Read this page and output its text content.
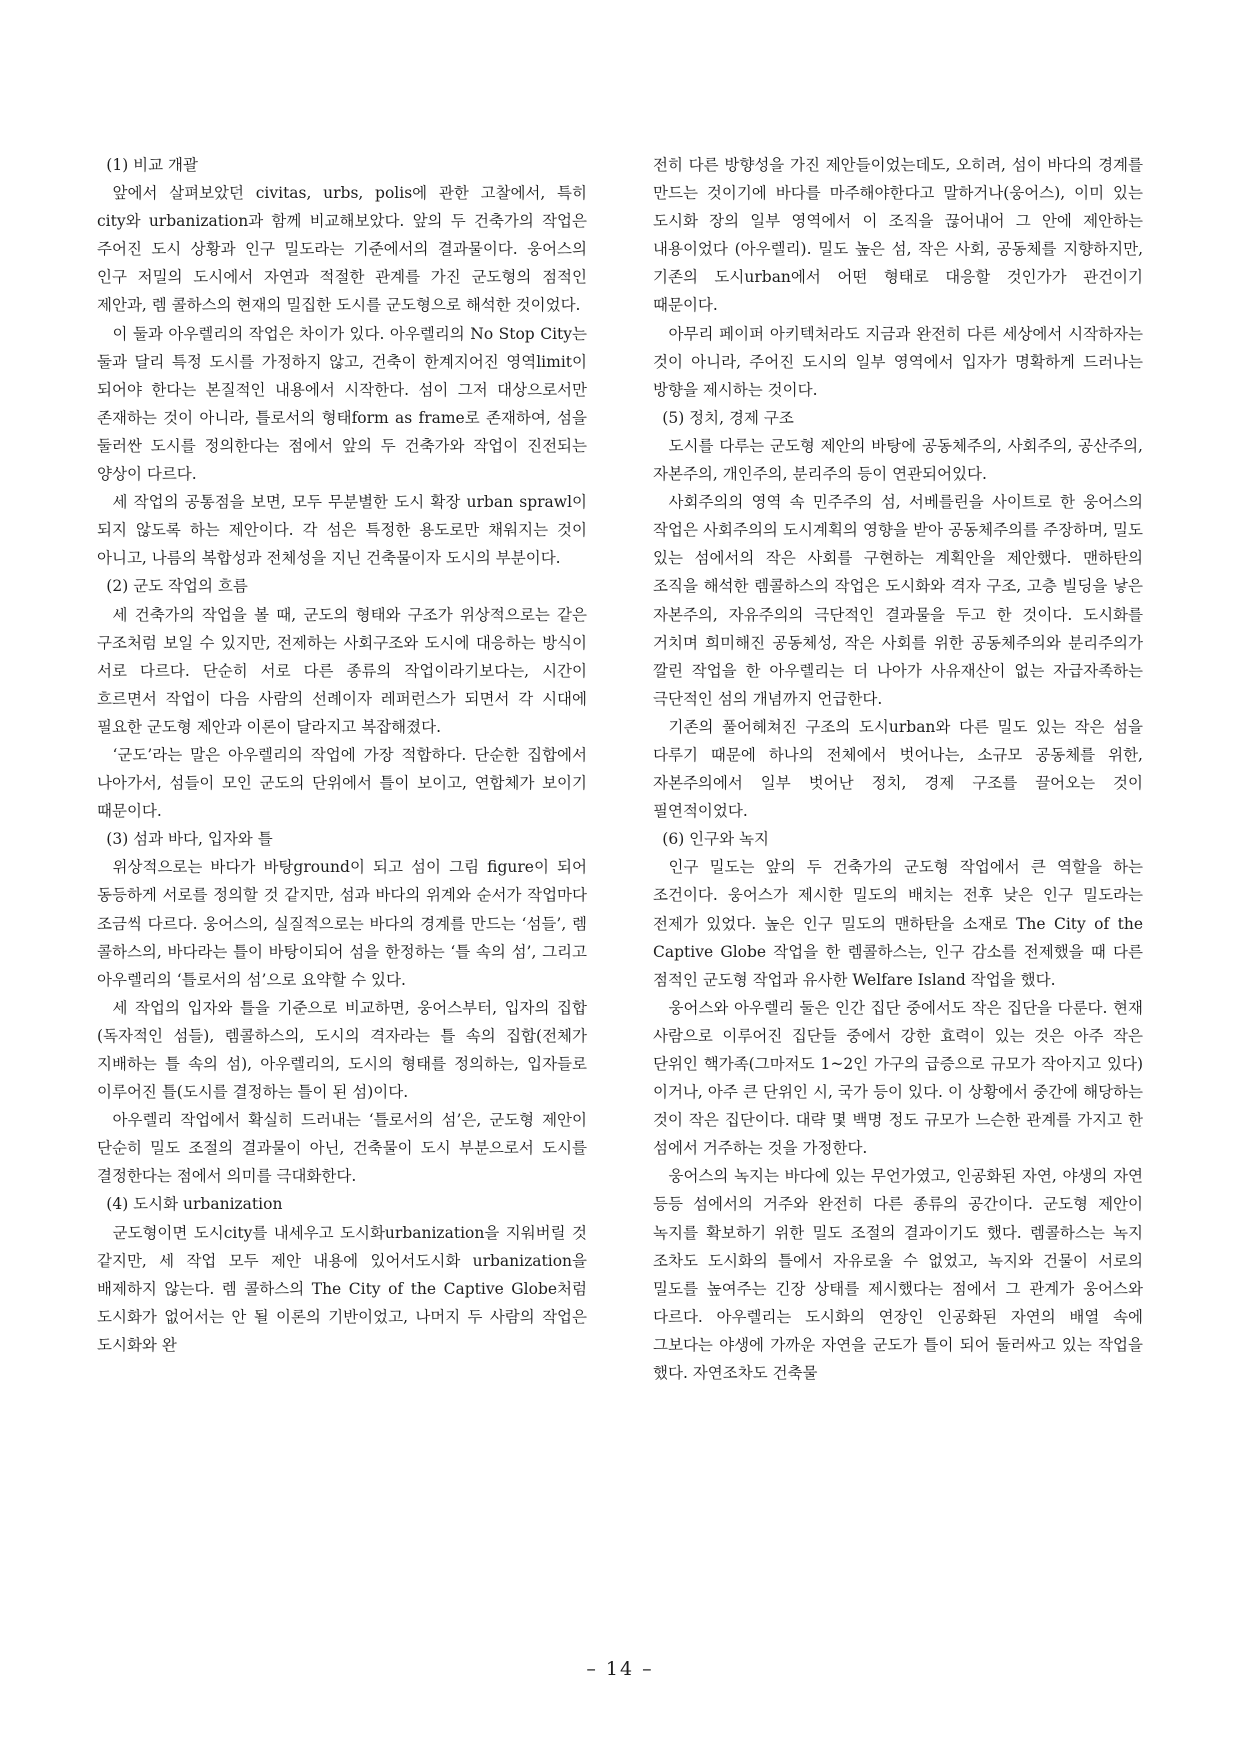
(1) 비교 개괄

앞에서 살펴보았던 civitas, urbs, polis에 관한 고찰에서, 특히 city와 urbanization과 함께 비교해보았다. 앞의 두 건축가의 작업은 주어진 도시 상황과 인구 밀도라는 기준에서의 결과물이다. 웅어스의 인구 저밀의 도시에서 자연과 적절한 관계를 가진 군도형의 점적인 제안과, 렘 콜하스의 현재의 밀집한 도시를 군도형으로 해석한 것이었다.

이 둘과 아우렐리의 작업은 차이가 있다. 아우렐리의 No Stop City는 둘과 달리 특정 도시를 가정하지 않고, 건축이 한계지어진 영역limit이 되어야 한다는 본질적인 내용에서 시작한다. 섬이 그저 대상으로서만 존재하는 것이 아니라, 틀로서의 형태form as frame로 존재하여, 섬을 둘러싼 도시를 정의한다는 점에서 앞의 두 건축가와 작업이 진전되는 양상이 다르다.

세 작업의 공통점을 보면, 모두 무분별한 도시 확장 urban sprawl이 되지 않도록 하는 제안이다. 각 섬은 특정한 용도로만 채워지는 것이 아니고, 나름의 복합성과 전체성을 지닌 건축물이자 도시의 부분이다.

(2) 군도 작업의 흐름

세 건축가의 작업을 볼 때, 군도의 형태와 구조가 위상적으로는 같은 구조처럼 보일 수 있지만, 전제하는 사회구조와 도시에 대응하는 방식이 서로 다르다. 단순히 서로 다른 종류의 작업이라기보다는, 시간이 흐르면서 작업이 다음 사람의 선례이자 레퍼런스가 되면서 각 시대에 필요한 군도형 제안과 이론이 달라지고 복잡해졌다.

‘군도’라는 말은 아우렐리의 작업에 가장 적합하다. 단순한 집합에서 나아가서, 섬들이 모인 군도의 단위에서 틀이 보이고, 연합체가 보이기 때문이다.

(3) 섬과 바다, 입자와 틀

위상적으로는 바다가 바탕ground이 되고 섬이 그림 figure이 되어 동등하게 서로를 정의할 것 같지만, 섬과 바다의 위계와 순서가 작업마다 조금씩 다르다. 웅어스의, 실질적으로는 바다의 경계를 만드는 ‘섬들’, 렘 콜하스의, 바다라는 틀이 바탕이되어 섬을 한정하는 ‘틀 속의 섬’, 그리고 아우렐리의 ‘틀로서의 섬’으로 요약할 수 있다.

세 작업의 입자와 틀을 기준으로 비교하면, 웅어스부터, 입자의 집합(독자적인 섬들), 렘콜하스의, 도시의 격자라는 틀 속의 집합(전체가 지배하는 틀 속의 섬), 아우렐리의, 도시의 형태를 정의하는, 입자들로 이루어진 틀(도시를 결정하는 틀이 된 섬)이다.

아우렐리 작업에서 확실히 드러내는 ‘틀로서의 섬’은, 군도형 제안이 단순히 밀도 조절의 결과물이 아닌, 건축물이 도시 부분으로서 도시를 결정한다는 점에서 의미를 극대화한다.

(4) 도시화 urbanization

군도형이면 도시city를 내세우고 도시화urbanization을 지워버릴 것 같지만, 세 작업 모두 제안 내용에 있어서도시화 urbanization을 배제하지 않는다. 렘 콜하스의 The City of the Captive Globe처럼 도시화가 없어서는 안 될 이론의 기반이었고, 나머지 두 사람의 작업은 도시화와 완

전히 다른 방향성을 가진 제안들이었는데도, 오히려, 섬이 바다의 경계를 만드는 것이기에 바다를 마주해야한다고 말하거나(웅어스), 이미 있는 도시화 장의 일부 영역에서 이 조직을 끊어내어 그 안에 제안하는 내용이었다 (아우렐리). 밀도 높은 섬, 작은 사회, 공동체를 지향하지만, 기존의 도시urban에서 어떤 형태로 대응할 것인가가 관건이기 때문이다.

아무리 페이퍼 아키텍처라도 지금과 완전히 다른 세상에서 시작하자는 것이 아니라, 주어진 도시의 일부 영역에서 입자가 명확하게 드러나는 방향을 제시하는 것이다.

(5) 정치, 경제 구조

도시를 다루는 군도형 제안의 바탕에 공동체주의, 사회주의, 공산주의, 자본주의, 개인주의, 분리주의 등이 연관되어있다.

사회주의의 영역 속 민주주의 섬, 서베를린을 사이트로 한 웅어스의 작업은 사회주의의 도시계획의 영향을 받아 공동체주의를 주장하며, 밀도 있는 섬에서의 작은 사회를 구현하는 계획안을 제안했다. 맨하탄의 조직을 해석한 렘콜하스의 작업은 도시화와 격자 구조, 고층 빌딩을 낳은 자본주의, 자유주의의 극단적인 결과물을 두고 한 것이다. 도시화를 거치며 희미해진 공동체성, 작은 사회를 위한 공동체주의와 분리주의가 깔린 작업을 한 아우렐리는 더 나아가 사유재산이 없는 자급자족하는 극단적인 섬의 개념까지 언급한다.

기존의 풀어헤쳐진 구조의 도시urban와 다른 밀도 있는 작은 섬을 다루기 때문에 하나의 전체에서 벗어나는, 소규모 공동체를 위한, 자본주의에서 일부 벗어난 정치, 경제 구조를 끌어오는 것이 필연적이었다.

(6) 인구와 녹지

인구 밀도는 앞의 두 건축가의 군도형 작업에서 큰 역할을 하는 조건이다. 웅어스가 제시한 밀도의 배치는 전후 낮은 인구 밀도라는 전제가 있었다. 높은 인구 밀도의 맨하탄을 소재로 The City of the Captive Globe 작업을 한 렘콜하스는, 인구 감소를 전제했을 때 다른 점적인 군도형 작업과 유사한 Welfare Island 작업을 했다.

웅어스와 아우렐리 둘은 인간 집단 중에서도 작은 집단을 다룬다. 현재 사람으로 이루어진 집단들 중에서 강한 효력이 있는 것은 아주 작은 단위인 핵가족(그마저도 1~2인 가구의 급증으로 규모가 작아지고 있다)이거나, 아주 큰 단위인 시, 국가 등이 있다. 이 상황에서 중간에 해당하는 것이 작은 집단이다. 대략 몇 백명 정도 규모가 느슨한 관계를 가지고 한 섬에서 거주하는 것을 가정한다.

웅어스의 녹지는 바다에 있는 무언가였고, 인공화된 자연, 야생의 자연 등등 섬에서의 거주와 완전히 다른 종류의 공간이다. 군도형 제안이 녹지를 확보하기 위한 밀도 조절의 결과이기도 했다. 렘콜하스는 녹지 조차도 도시화의 틀에서 자유로울 수 없었고, 녹지와 건물이 서로의 밀도를 높여주는 긴장 상태를 제시했다는 점에서 그 관계가 웅어스와 다르다. 아우렐리는 도시화의 연장인 인공화된 자연의 배열 속에 그보다는 야생에 가까운 자연을 군도가 틀이 되어 둘러싸고 있는 작업을 했다. 자연조차도 건축물

– 14 –
